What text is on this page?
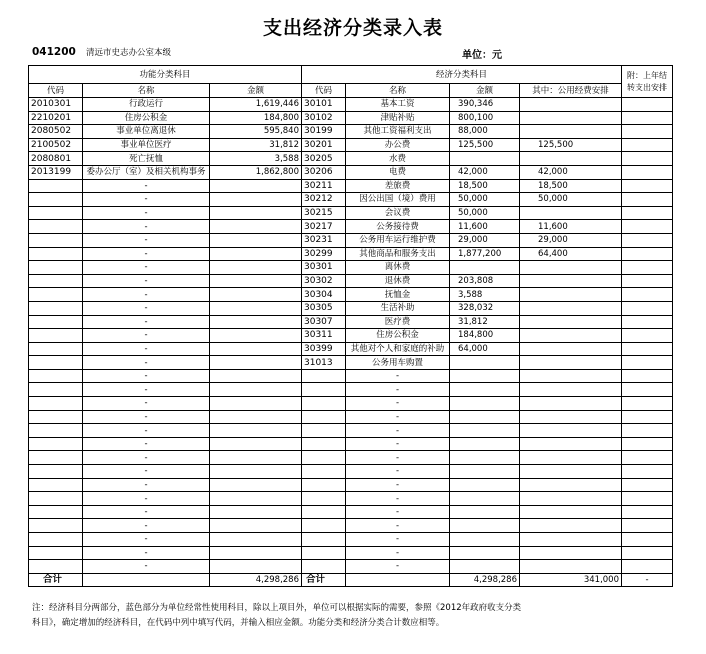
支出经济分类录入表
041200 清远市史志办公室本级	单位：元
功能分类科目			经济分类科目				附：上年结转支出安排
代码	名称	金额	代码	名称	金额	其中：公用经费安排	
2010301	行政运行	1,619,446	30101	基本工资	390,346		
2210201	住房公积金	184,800	30102	津贴补贴	800,100		
2080502	事业单位离退休	595,840	30199	其他工资福利支出	88,000		
2100502	事业单位医疗	31,812	30201	办公费	125,500	125,500	
2080801	死亡抚恤	3,588	30205	水费			
2013199	委办公厅（室）及相关机构事务	1,862,800	30206	电费	42,000	42,000	
	-		30211	差旅费	18,500	18,500	
	-		30212	因公出国（境）费用	50,000	50,000	
	-		30215	会议费	50,000		
	-		30217	公务接待费	11,600	11,600	
	-		30231	公务用车运行维护费	29,000	29,000	
	-		30299	其他商品和服务支出	1,877,200	64,400	
	-		30301	离休费			
	-		30302	退休费	203,808		
	-		30304	抚恤金	3,588		
	-		30305	生活补助	328,032		
	-		30307	医疗费	31,812		
	-		30311	住房公积金	184,800		
	-		30399	其他对个人和家庭的补助	64,000		
	-		31013	公务用车购置			
	-			-			
	-			-			
	-			-			
	-			-			
	-			-			
	-			-			
	-			-			
	-			-			
	-			-			
	-			-			
	-			-			
	-			-			
	-			-			
	-			-			
	-			-			
合计		4,298,286	合计		4,298,286	341,000	-
注：经济科目分两部分，蓝色部分为单位经常性使用科目，除以上项目外，单位可以根据实际的需要，参照《2012年政府收支分类科目》，确定增加的经济科目，在代码中列中填写代码，并输入相应金额。功能分类和经济分类合计数应相等。
